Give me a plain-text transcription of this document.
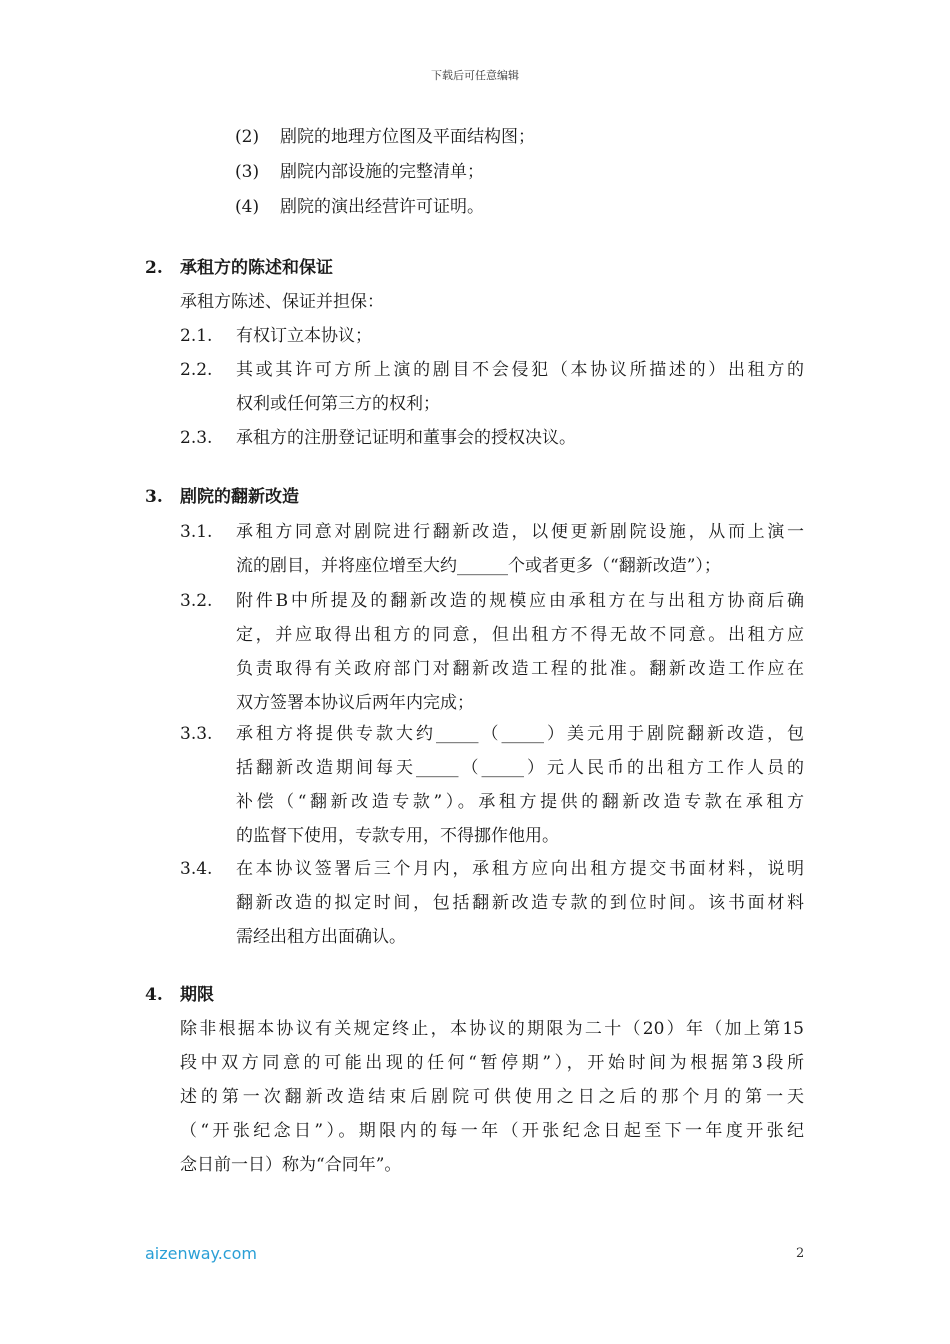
下载后可任意编辑
(2) 剧院的地理方位图及平面结构图；
(3) 剧院内部设施的完整清单；
(4) 剧院的演出经营许可证明。
2. 承租方的陈述和保证
承租方陈述、保证并担保：
2.1. 有权订立本协议；
2.2. 其或其许可方所上演的剧目不会侵犯（本协议所描述的）出租方的
权利或任何第三方的权利；
2.3. 承租方的注册登记证明和董事会的授权决议。
3. 剧院的翻新改造
3.1. 承租方同意对剧院进行翻新改造，以便更新剧院设施，从而上演一
流的剧目，并将座位增至大约______个或者更多（“翻新改造”）；
3.2. 附件B中所提及的翻新改造的规模应由承租方在与出租方协商后确
定，并应取得出租方的同意，但出租方不得无故不同意。出租方应
负责取得有关政府部门对翻新改造工程的批准。翻新改造工作应在
双方签署本协议后两年内完成；
3.3. 承租方将提供专款大约_____（_____）美元用于剧院翻新改造，包
括翻新改造期间每天_____（_____）元人民币的出租方工作人员的
补偿（“翻新改造专款”）。承租方提供的翻新改造专款在承租方
的监督下使用，专款专用，不得挪作他用。
3.4. 在本协议签署后三个月内，承租方应向出租方提交书面材料，说明
翻新改造的拟定时间，包括翻新改造专款的到位时间。该书面材料
需经出租方出面确认。
4. 期限
除非根据本协议有关规定终止，本协议的期限为二十（20）年（加上第15
段中双方同意的可能出现的任何“暂停期”），开始时间为根据第3段所
述的第一次翻新改造结束后剧院可供使用之日之后的那个月的第一天
（“开张纪念日”）。期限内的每一年（开张纪念日起至下一年度开张纪
念日前一日）称为“合同年”。
aizenway.com	2
